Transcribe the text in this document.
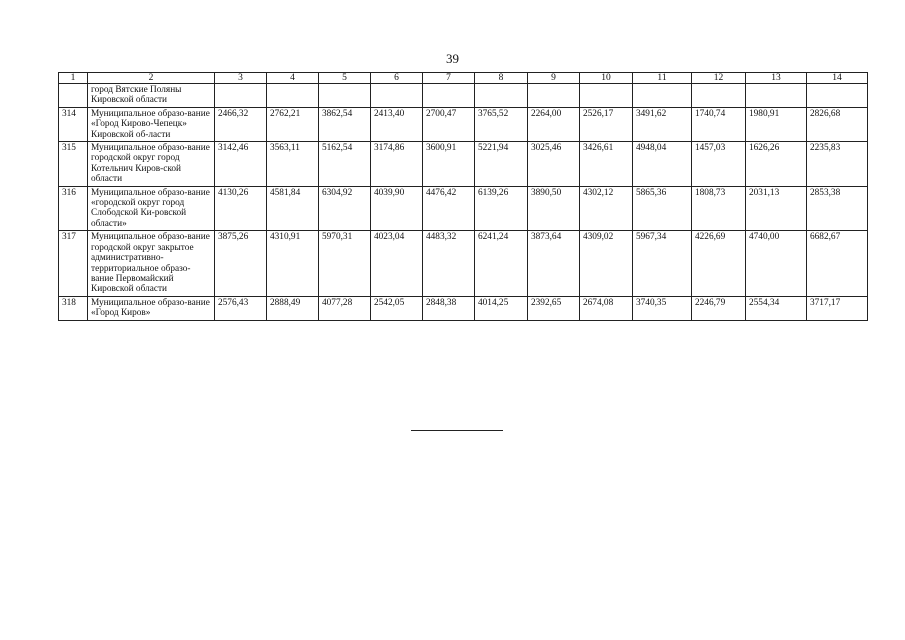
39
1	2	3	4	5	6	7	8	9	10	11	12	13	14
	город Вятские Поляны Кировской области												
314	Муниципальное образо-вание «Город Кирово-Чепецк» Кировской об-ласти	2466,32	2762,21	3862,54	2413,40	2700,47	3765,52	2264,00	2526,17	3491,62	1740,74	1980,91	2826,68
315	Муниципальное образо-вание городской округ город Котельнич Киров-ской области	3142,46	3563,11	5162,54	3174,86	3600,91	5221,94	3025,46	3426,61	4948,04	1457,03	1626,26	2235,83
316	Муниципальное образо-вание «городской округ город Слободской Ки-ровской области»	4130,26	4581,84	6304,92	4039,90	4476,42	6139,26	3890,50	4302,12	5865,36	1808,73	2031,13	2853,38
317	Муниципальное образо-вание городской округ закрытое административно-территориальное образо-вание Первомайский Кировской области	3875,26	4310,91	5970,31	4023,04	4483,32	6241,24	3873,64	4309,02	5967,34	4226,69	4740,00	6682,67
318	Муниципальное образо-вание «Город Киров»	2576,43	2888,49	4077,28	2542,05	2848,38	4014,25	2392,65	2674,08	3740,35	2246,79	2554,34	3717,17
